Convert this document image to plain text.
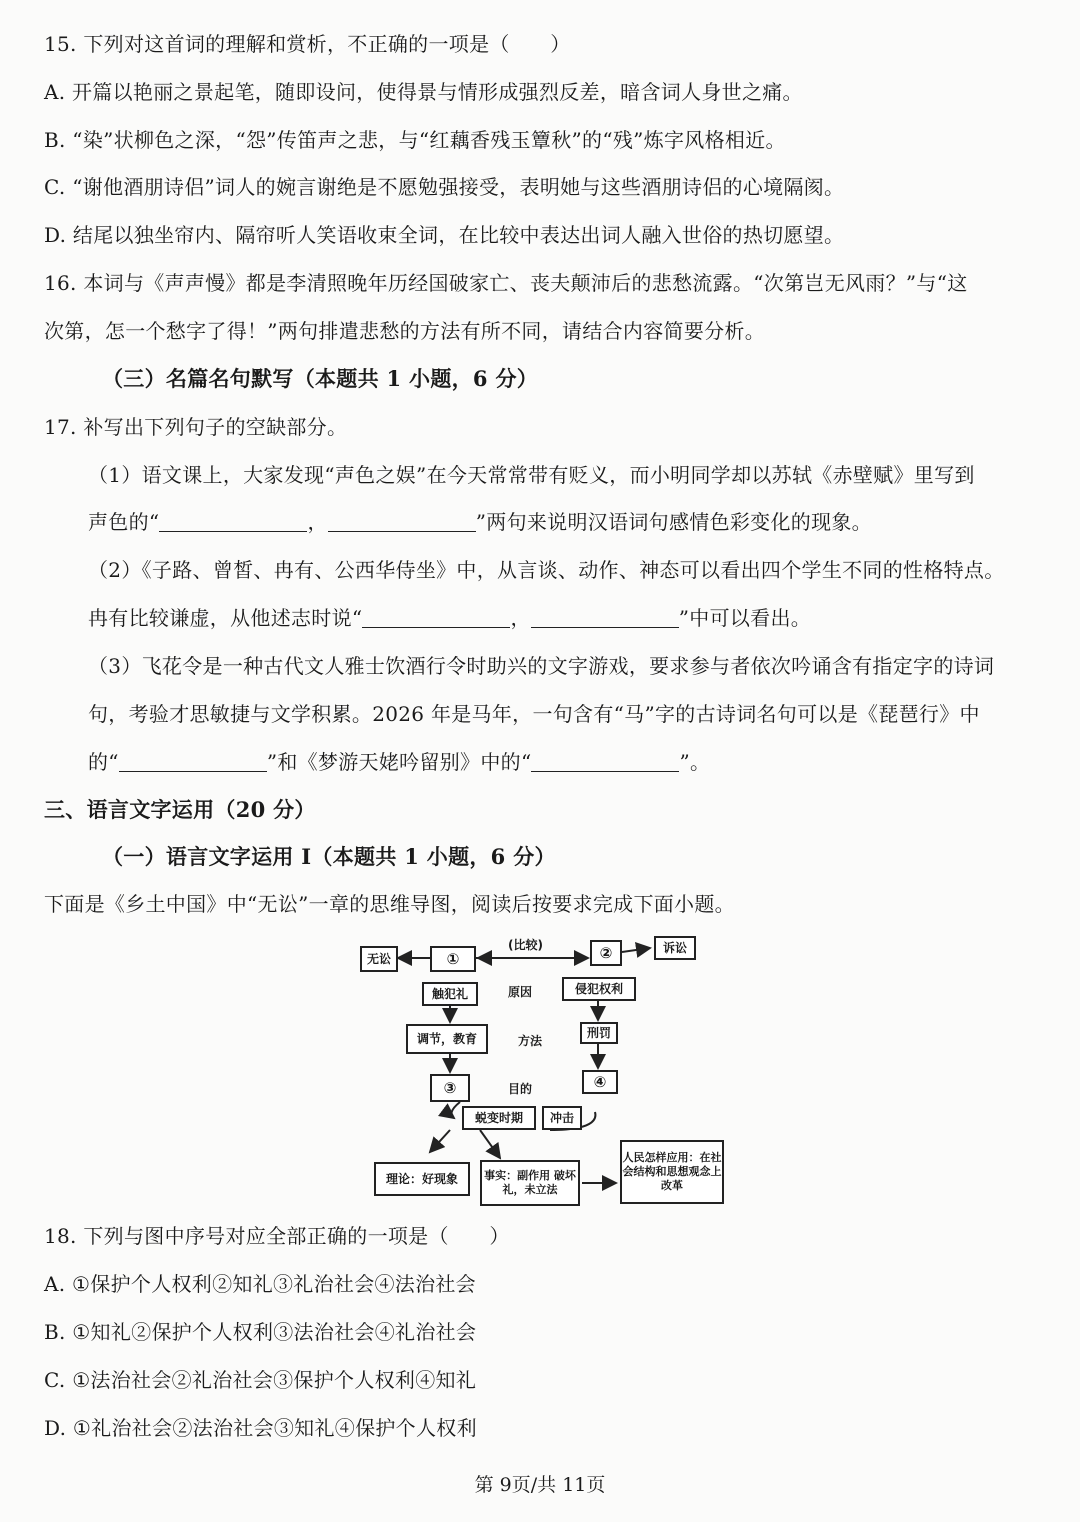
15. 下列对这首词的理解和赏析，不正确的一项是（　　）
A. 开篇以艳丽之景起笔，随即设问，使得景与情形成强烈反差，暗含词人身世之痛。
B. “染”状柳色之深，“怨”传笛声之悲，与“红藕香残玉簟秋”的“残”炼字风格相近。
C. “谢他酒朋诗侣”词人的婉言谢绝是不愿勉强接受，表明她与这些酒朋诗侣的心境隔阂。
D. 结尾以独坐帘内、隔帘听人笑语收束全词，在比较中表达出词人融入世俗的热切愿望。
16. 本词与《声声慢》都是李清照晚年历经国破家亡、丧夫颠沛后的悲愁流露。“次第岂无风雨？”与“这
次第，怎一个愁字了得！”两句排遣悲愁的方法有所不同，请结合内容简要分析。
（三）名篇名句默写（本题共 1 小题，6 分）
17. 补写出下列句子的空缺部分。
（1）语文课上，大家发现“声色之娱”在今天常常带有贬义，而小明同学却以苏轼《赤壁赋》里写到
声色的“	，	”两句来说明汉语词句感情色彩变化的现象。
（2）《子路、曾皙、冉有、公西华侍坐》中，从言谈、动作、神态可以看出四个学生不同的性格特点。
冉有比较谦虚，从他述志时说“	，	”中可以看出。
（3）飞花令是一种古代文人雅士饮酒行令时助兴的文字游戏，要求参与者依次吟诵含有指定字的诗词
句，考验才思敏捷与文学积累。2026 年是马年，一句含有“马”字的古诗词名句可以是《琵琶行》中
的“	”和《梦游天姥吟留别》中的“	”。
三、语言文字运用（20 分）
（一）语言文字运用 I（本题共 1 小题，6 分）
下面是《乡土中国》中“无讼”一章的思维导图，阅读后按要求完成下面小题。
无讼	①
(比较)	②	诉讼
触犯礼	原因	侵犯权利
调节，教育	方法
刑罚
③	目的	④
蜕变时期	冲击
理论：好现象	事实：副作用 破坏礼，未立法
人民怎样应用：在社会结构和思想观念上改革
18. 下列与图中序号对应全部正确的一项是（　　）
A. ①保护个人权利②知礼③礼治社会④法治社会
B. ①知礼②保护个人权利③法治社会④礼治社会
C. ①法治社会②礼治社会③保护个人权利④知礼
D. ①礼治社会②法治社会③知礼④保护个人权利
第 9页/共 11页
